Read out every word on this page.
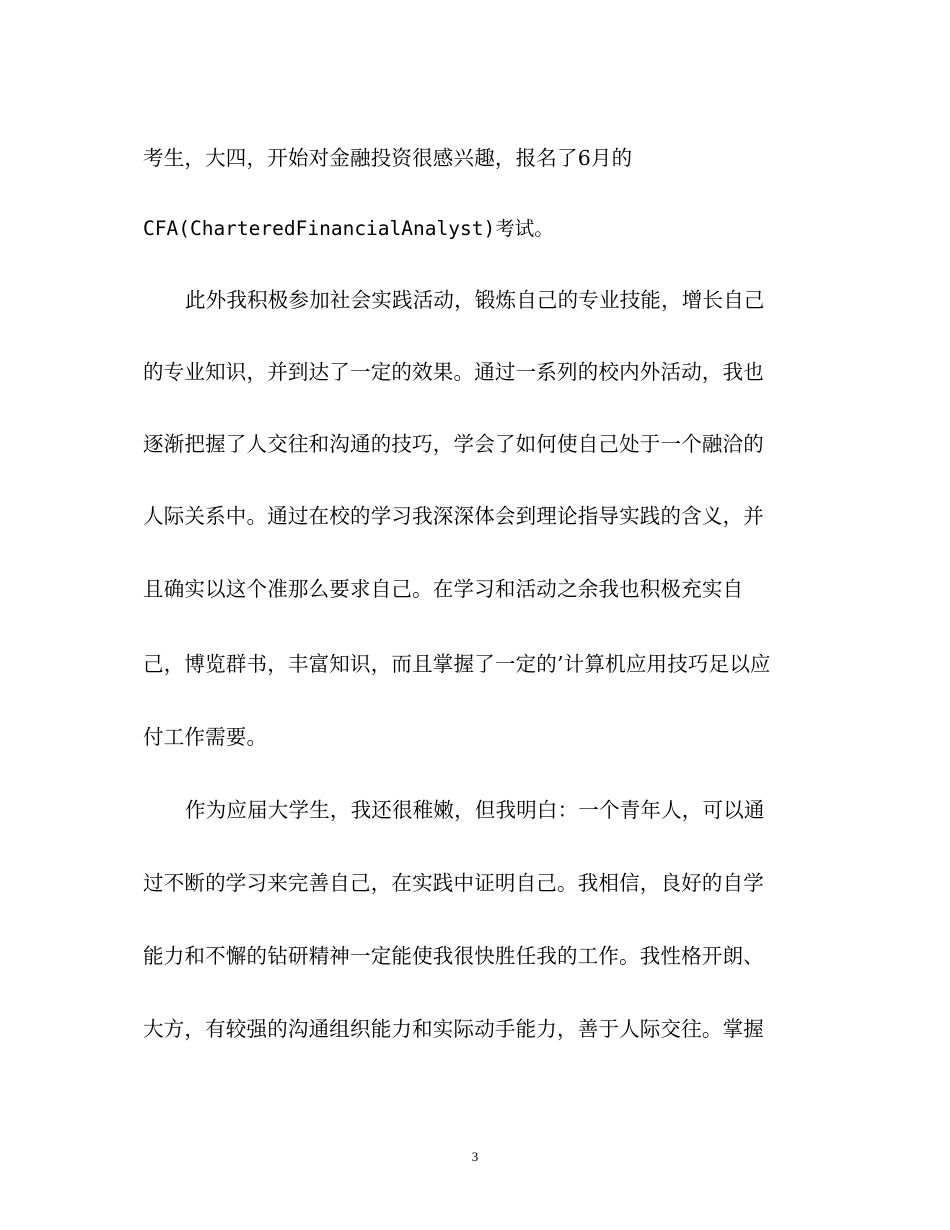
考生，大四，开始对金融投资很感兴趣，报名了6月的
CFA(CharteredFinancialAnalyst)考试。
此外我积极参加社会实践活动，锻炼自己的专业技能，增长自己
的专业知识，并到达了一定的效果。通过一系列的校内外活动，我也
逐渐把握了人交往和沟通的技巧，学会了如何使自己处于一个融洽的
人际关系中。通过在校的学习我深深体会到理论指导实践的含义，并
且确实以这个准那么要求自己。在学习和活动之余我也积极充实自
己，博览群书，丰富知识，而且掌握了一定的’计算机应用技巧足以应
付工作需要。
作为应届大学生，我还很稚嫩，但我明白：一个青年人，可以通
过不断的学习来完善自己，在实践中证明自己。我相信，良好的自学
能力和不懈的钻研精神一定能使我很快胜任我的工作。我性格开朗、
大方，有较强的沟通组织能力和实际动手能力，善于人际交往。掌握
3
